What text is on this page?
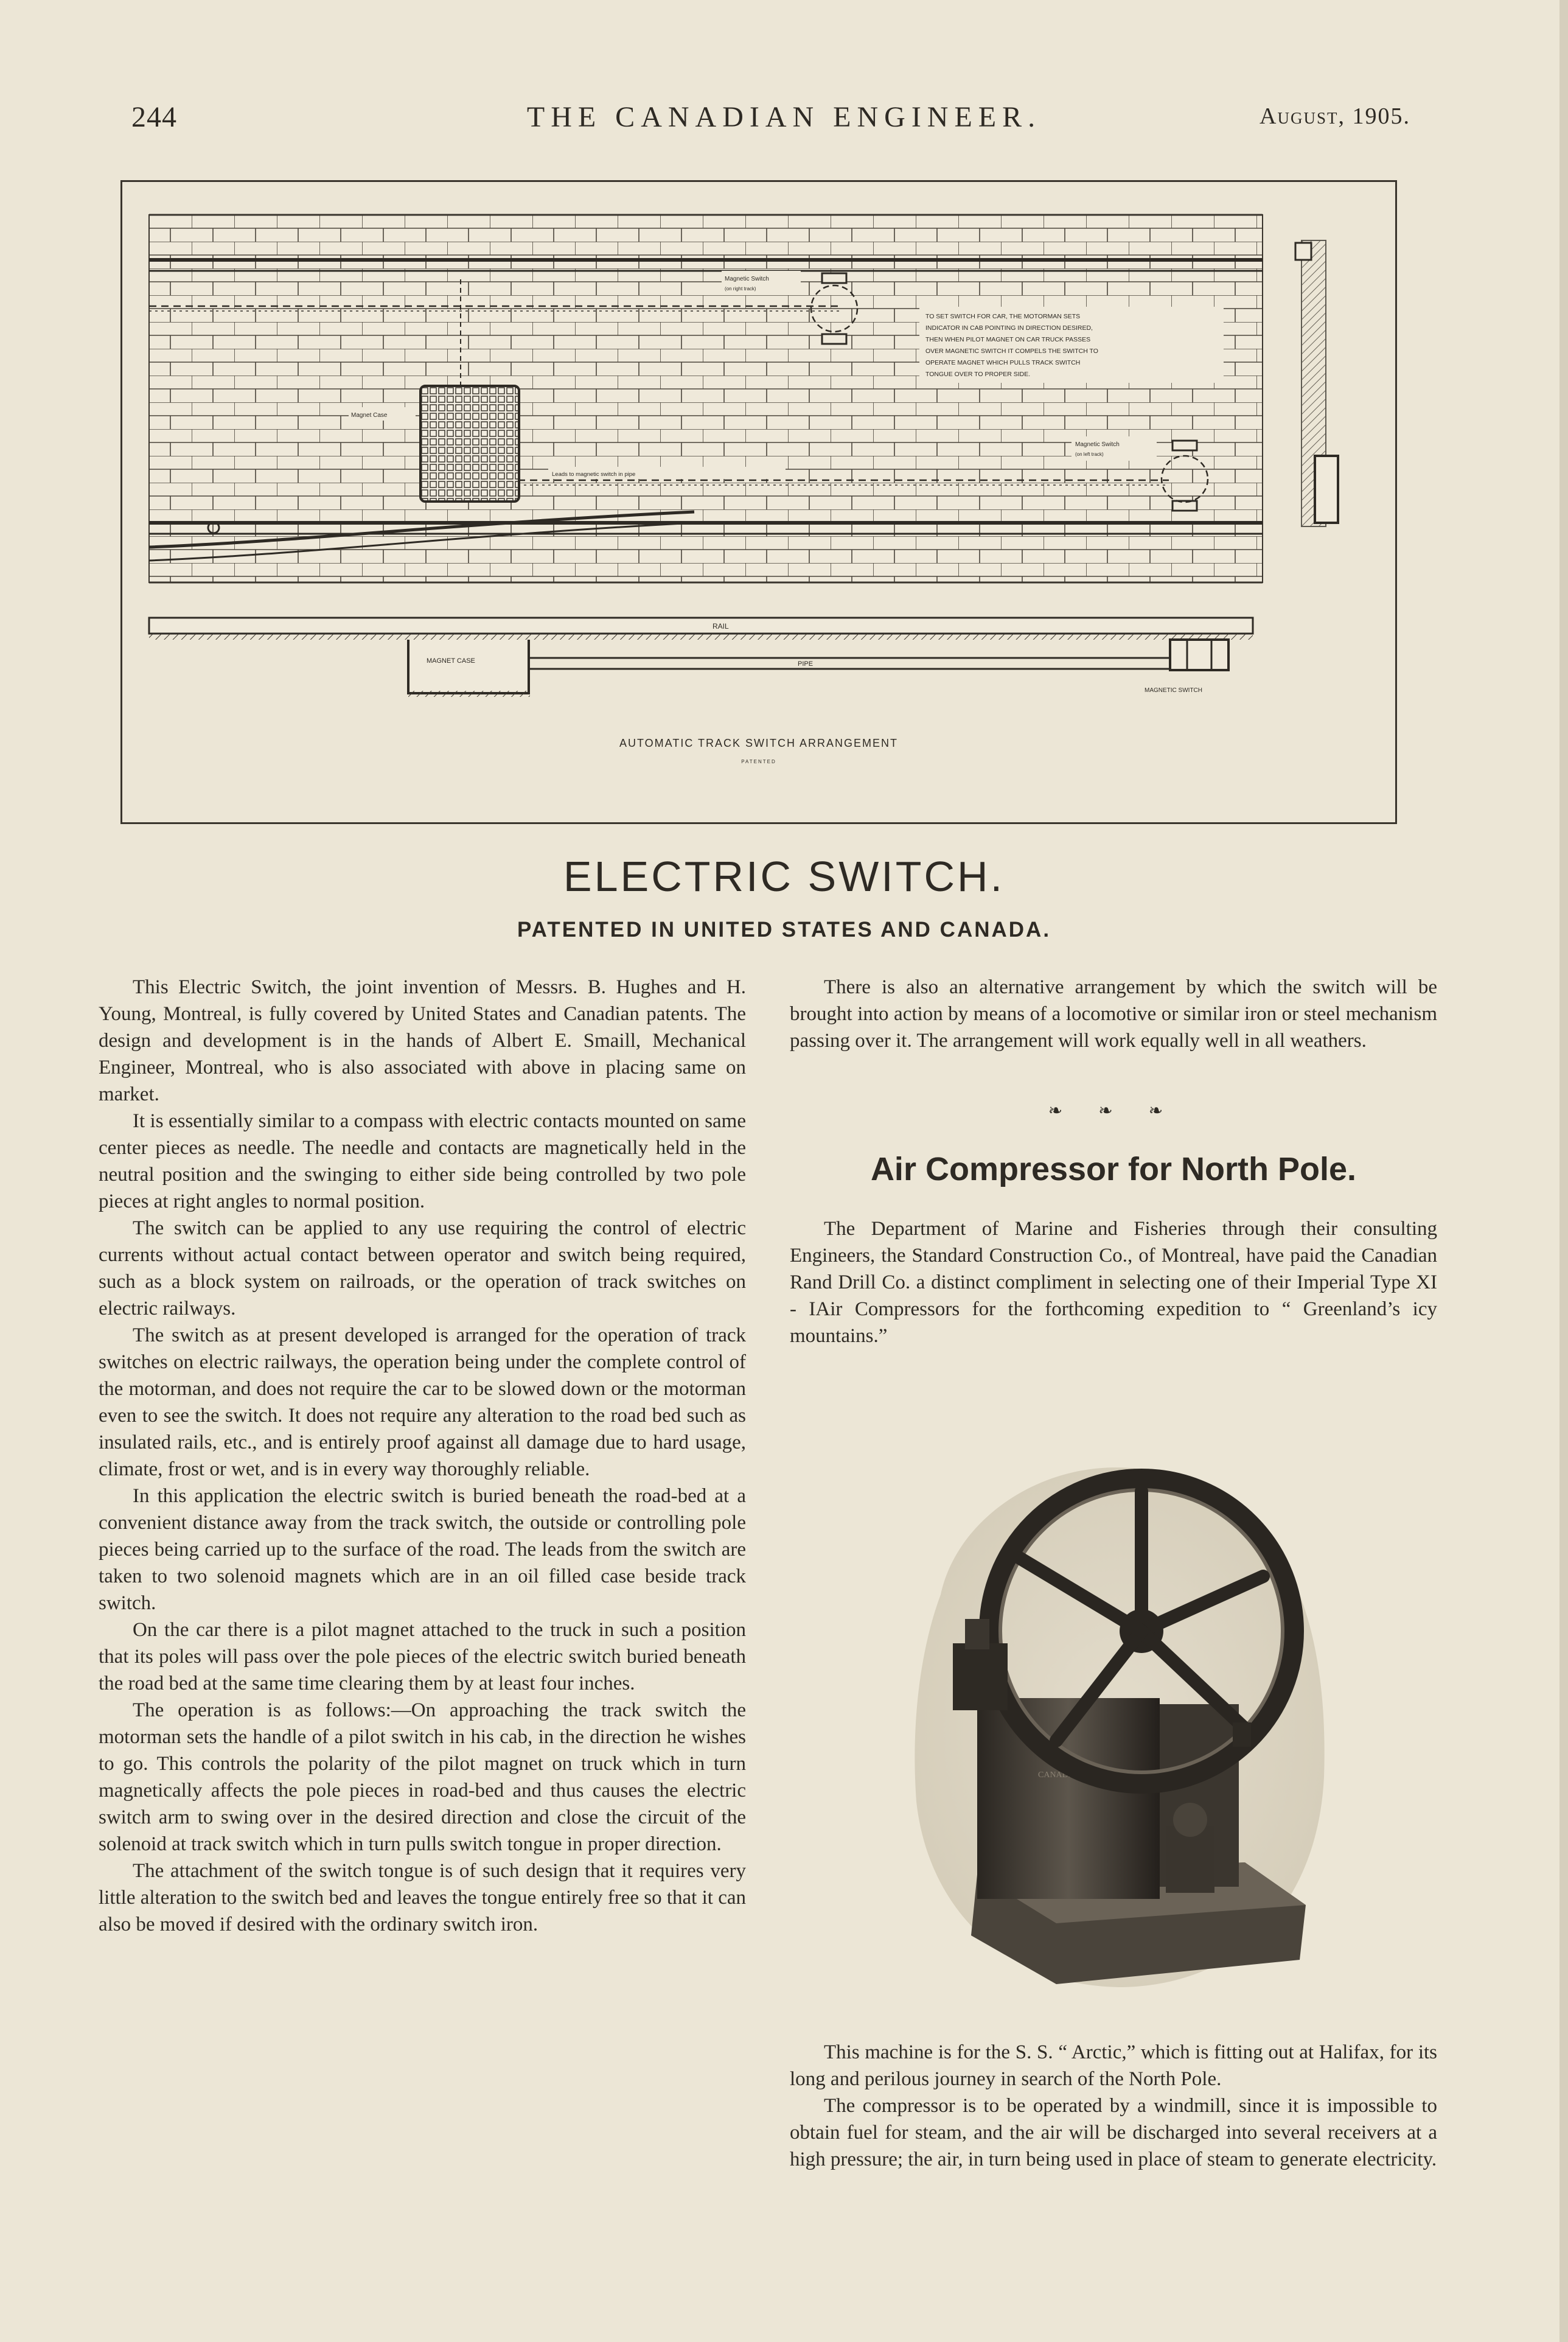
244	THE CANADIAN ENGINEER.	August, 1905.
TO SET SWITCH FOR CAR, THE MOTORMAN SETS
INDICATOR IN CAB POINTING IN DIRECTION DESIRED,
THEN WHEN PILOT MAGNET ON CAR TRUCK PASSES
OVER MAGNETIC SWITCH IT COMPELS THE SWITCH TO
OPERATE MAGNET WHICH PULLS TRACK SWITCH
TONGUE OVER TO PROPER SIDE.
Magnetic Switch
(on right track)
Magnetic Switch
(on left track)
Magnet Case
Leads to magnetic switch in pipe
RAIL
MAGNET CASE	PIPE
MAGNETIC SWITCH
AUTOMATIC TRACK SWITCH ARRANGEMENT
PATENTED
ELECTRIC SWITCH.
PATENTED IN UNITED STATES AND CANADA.

This Electric Switch, the joint invention of Messrs. B. Hughes and H. Young, Montreal, is fully covered by United States and Canadian patents. The design and development is in the hands of Albert E. Smaill, Mechanical Engineer, Montreal, who is also associated with above in placing same on market.

It is essentially similar to a compass with electric contacts mounted on same center pieces as needle. The needle and contacts are magnetically held in the neutral position and the swinging to either side being controlled by two pole pieces at right angles to normal position.

The switch can be applied to any use requiring the control of electric currents without actual contact between operator and switch being required, such as a block system on railroads, or the operation of track switches on electric railways.

The switch as at present developed is arranged for the operation of track switches on electric railways, the operation being under the complete control of the motorman, and does not require the car to be slowed down or the motorman even to see the switch. It does not require any alteration to the road bed such as insulated rails, etc., and is entirely proof against all damage due to hard usage, climate, frost or wet, and is in every way thoroughly reliable.

In this application the electric switch is buried beneath the road-bed at a convenient distance away from the track switch, the outside or controlling pole pieces being carried up to the surface of the road. The leads from the switch are taken to two solenoid magnets which are in an oil filled case beside track switch.

On the car there is a pilot magnet attached to the truck in such a position that its poles will pass over the pole pieces of the electric switch buried beneath the road bed at the same time clearing them by at least four inches.

The operation is as follows:—On approaching the track switch the motorman sets the handle of a pilot switch in his cab, in the direction he wishes to go. This controls the polarity of the pilot magnet on truck which in turn magnetically affects the pole pieces in road-bed and thus causes the electric switch arm to swing over in the desired direction and close the circuit of the solenoid at track switch which in turn pulls switch tongue in proper direction.

The attachment of the switch tongue is of such design that it requires very little alteration to the switch bed and leaves the tongue entirely free so that it can also be moved if desired with the ordinary switch iron.

There is also an alternative arrangement by which the switch will be brought into action by means of a locomotive or similar iron or steel mechanism passing over it. The arrangement will work equally well in all weathers.

❧ ❧ ❧
Air Compressor for North Pole.

The Department of Marine and Fisheries through their consulting Engineers, the Standard Construction Co., of Montreal, have paid the Canadian Rand Drill Co. a distinct compliment in selecting one of their Imperial Type XI - IAir Compressors for the forthcoming expedition to “ Greenland’s icy mountains.”

CANADIAN RAND DRILL CO. MONTREAL

This machine is for the S. S. “ Arctic,” which is fitting out at Halifax, for its long and perilous journey in search of the North Pole.

The compressor is to be operated by a windmill, since it is impossible to obtain fuel for steam, and the air will be discharged into several receivers at a high pressure; the air, in turn being used in place of steam to generate electricity.
